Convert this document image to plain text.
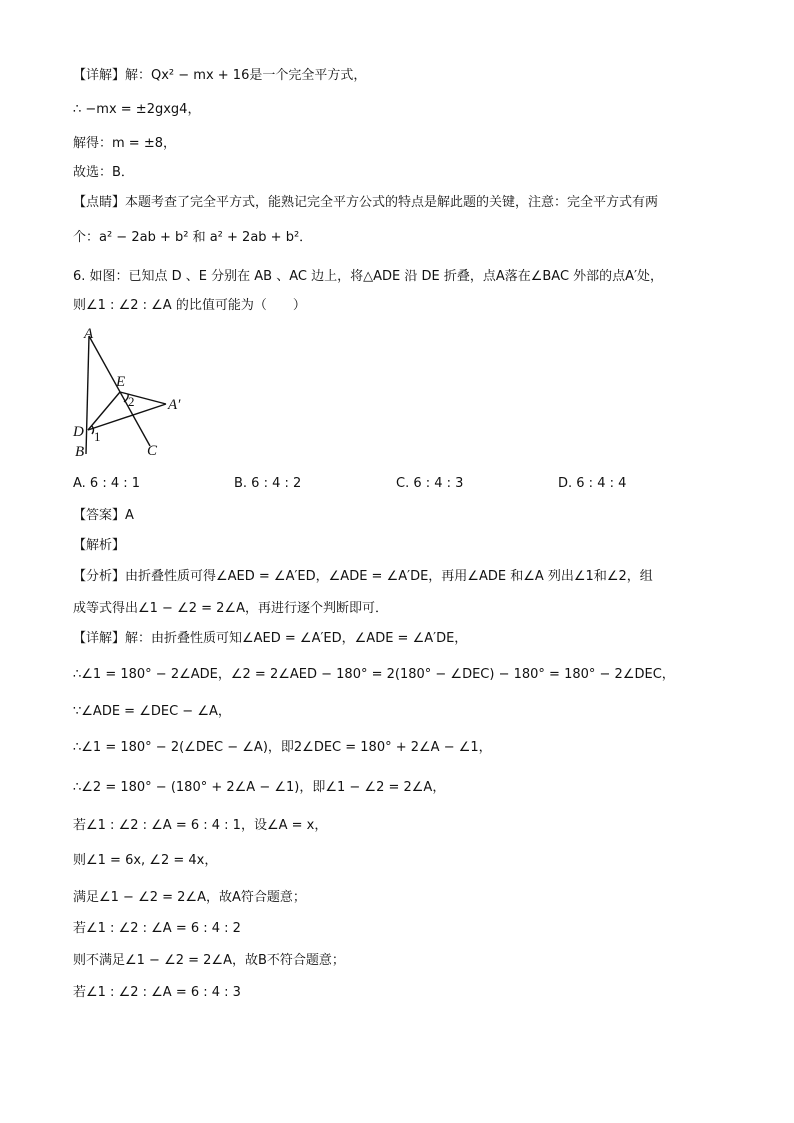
【详解】解：Qx² − mx + 16是一个完全平方式，
∴ −mx = ±2gxg4，
解得：m = ±8，
故选：B．
【点睛】本题考查了完全平方式，能熟记完全平方公式的特点是解此题的关键，注意：完全平方式有两
个：a² − 2ab + b² 和 a² + 2ab + b²．
6. 如图：已知点 D 、E 分别在 AB 、AC 边上，将△ADE 沿 DE 折叠，点A落在∠BAC 外部的点A′处，
则∠1 : ∠2 : ∠A 的比值可能为（　　）
A
E
A′
D
B	C
1
2
A. 6 : 4 : 1	B. 6 : 4 : 2	C. 6 : 4 : 3	D. 6 : 4 : 4
【答案】A
【解析】
【分析】由折叠性质可得∠AED = ∠A′ED，∠ADE = ∠A′DE，再用∠ADE 和∠A 列出∠1和∠2，组
成等式得出∠1 − ∠2 = 2∠A，再进行逐个判断即可．
【详解】解：由折叠性质可知∠AED = ∠A′ED，∠ADE = ∠A′DE，
∴∠1 = 180° − 2∠ADE，∠2 = 2∠AED − 180° = 2(180° − ∠DEC) − 180° = 180° − 2∠DEC，
∵∠ADE = ∠DEC − ∠A，
∴∠1 = 180° − 2(∠DEC − ∠A)，即2∠DEC = 180° + 2∠A − ∠1，
∴∠2 = 180° − (180° + 2∠A − ∠1)，即∠1 − ∠2 = 2∠A，
若∠1 : ∠2 : ∠A = 6 : 4 : 1，设∠A = x，
则∠1 = 6x, ∠2 = 4x，
满足∠1 − ∠2 = 2∠A，故A符合题意；
若∠1 : ∠2 : ∠A = 6 : 4 : 2
则不满足∠1 − ∠2 = 2∠A，故B不符合题意；
若∠1 : ∠2 : ∠A = 6 : 4 : 3
